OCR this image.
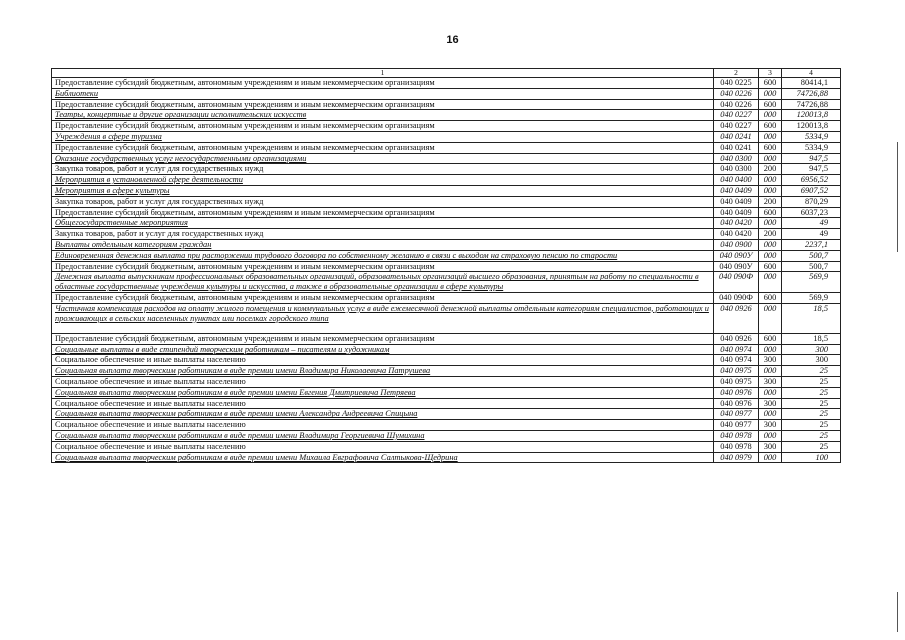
16
1	2	3	4
Предоставление субсидий бюджетным, автономным учреждениям и иным некоммерческим организациям	040 0225	600	80414,1
Библиотеки	040 0226	000	74726,88
Предоставление субсидий бюджетным, автономным учреждениям и иным некоммерческим организациям	040 0226	600	74726,88
Театры, концертные и другие организации исполнительских искусств	040 0227	000	120013,8
Предоставление субсидий бюджетным, автономным учреждениям и иным некоммерческим организациям	040 0227	600	120013,8
Учреждения в сфере туризма	040 0241	000	5334,9
Предоставление субсидий бюджетным, автономным учреждениям и иным некоммерческим организациям	040 0241	600	5334,9
Оказание государственных услуг негосударственными организациями	040 0300	000	947,5
Закупка товаров, работ и услуг для государственных нужд	040 0300	200	947,5
Мероприятия в установленной сфере деятельности	040 0400	000	6956,52
Мероприятия в сфере культуры	040 0409	000	6907,52
Закупка товаров, работ и услуг для государственных нужд	040 0409	200	870,29
Предоставление субсидий бюджетным, автономным учреждениям и иным некоммерческим организациям	040 0409	600	6037,23
Общегосударственные мероприятия	040 0420	000	49
Закупка товаров, работ и услуг для государственных нужд	040 0420	200	49
Выплаты отдельным категориям граждан	040 0900	000	2237,1
Единовременная денежная выплата при расторжении трудового договора по собственному желанию в связи с выходом на страховую пенсию по старости	040 090У	000	500,7
Предоставление субсидий бюджетным, автономным учреждениям и иным некоммерческим организациям	040 090У	600	500,7
Денежная выплата выпускникам профессиональных образовательных организаций, образовательных организаций высшего образования, принятым на работу по специальности в областные государственные учреждения культуры и искусства, а также в образовательные организации в сфере культуры	040 090Ф	000	569,9
Предоставление субсидий бюджетным, автономным учреждениям и иным некоммерческим организациям	040 090Ф	600	569,9
Частичная компенсация расходов на оплату жилого помещения и коммунальных услуг в виде ежемесячной денежной выплаты отдельным категориям специалистов, работающих и проживающих в сельских населенных пунктах или поселках городского типа	040 0926	000	18,5
Предоставление субсидий бюджетным, автономным учреждениям и иным некоммерческим организациям	040 0926	600	18,5
Социальные выплаты в виде стипендий творческим работникам – писателям и художникам	040 0974	000	300
Социальное обеспечение и иные выплаты населению	040 0974	300	300
Социальная выплата творческим работникам в виде премии имени Владимира Николаевича Патрушева	040 0975	000	25
Социальное обеспечение и иные выплаты населению	040 0975	300	25
Социальная выплата творческим работникам в виде премии имени Евгения Дмитриевича Петряева	040 0976	000	25
Социальное обеспечение и иные выплаты населению	040 0976	300	25
Социальная выплата творческим работникам в виде премии имени Александра Андреевича Спицына	040 0977	000	25
Социальное обеспечение и иные выплаты населению	040 0977	300	25
Социальная выплата творческим работникам в виде премии имени Владимира Георгиевича Шумихина	040 0978	000	25
Социальное обеспечение и иные выплаты населению	040 0978	300	25
Социальная выплата творческим работникам в виде премии имени Михаила Евграфовича Салтыкова-Щедрина	040 0979	000	100
